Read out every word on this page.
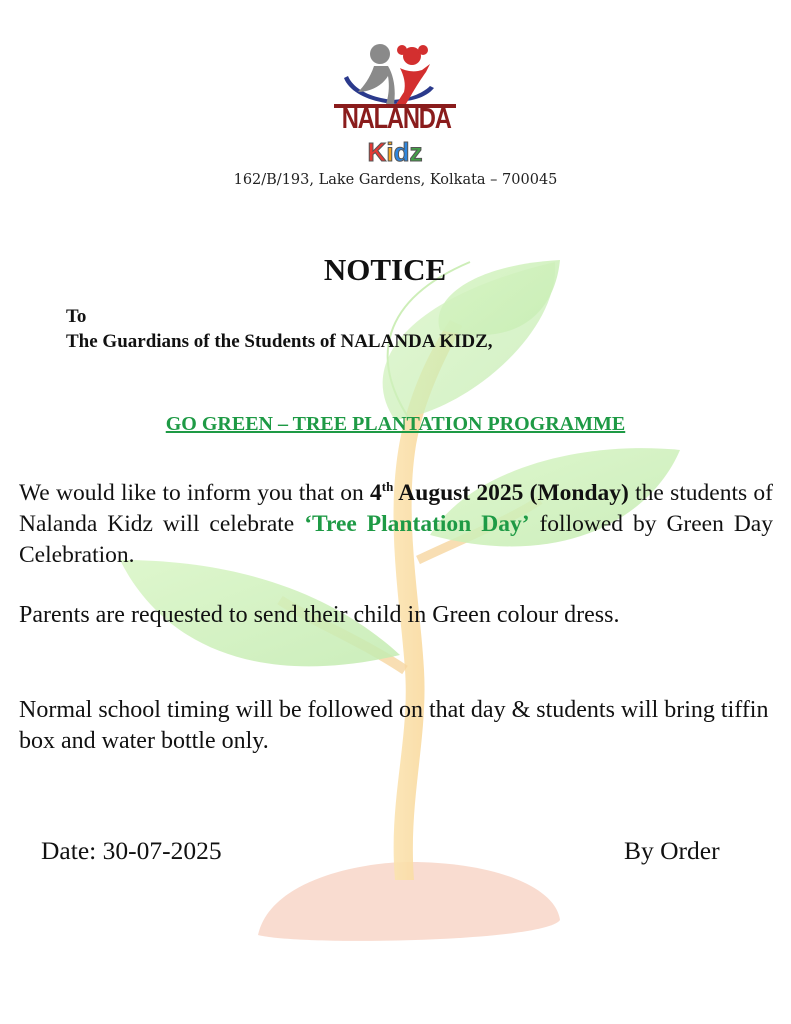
NALANDA
Kidz
162/B/193, Lake Gardens, Kolkata – 700045
NOTICE
To
The Guardians of the Students of NALANDA KIDZ,
GO GREEN – TREE PLANTATION PROGRAMME
We would like to inform you that on 4th August 2025 (Monday) the students of Nalanda Kidz will celebrate ‘Tree Plantation Day’ followed by Green Day Celebration.
Parents are requested to send their child in Green colour dress.
Normal school timing will be followed on that day & students will bring tiffin box and water bottle only.
Date: 30-07-2025	By Order
